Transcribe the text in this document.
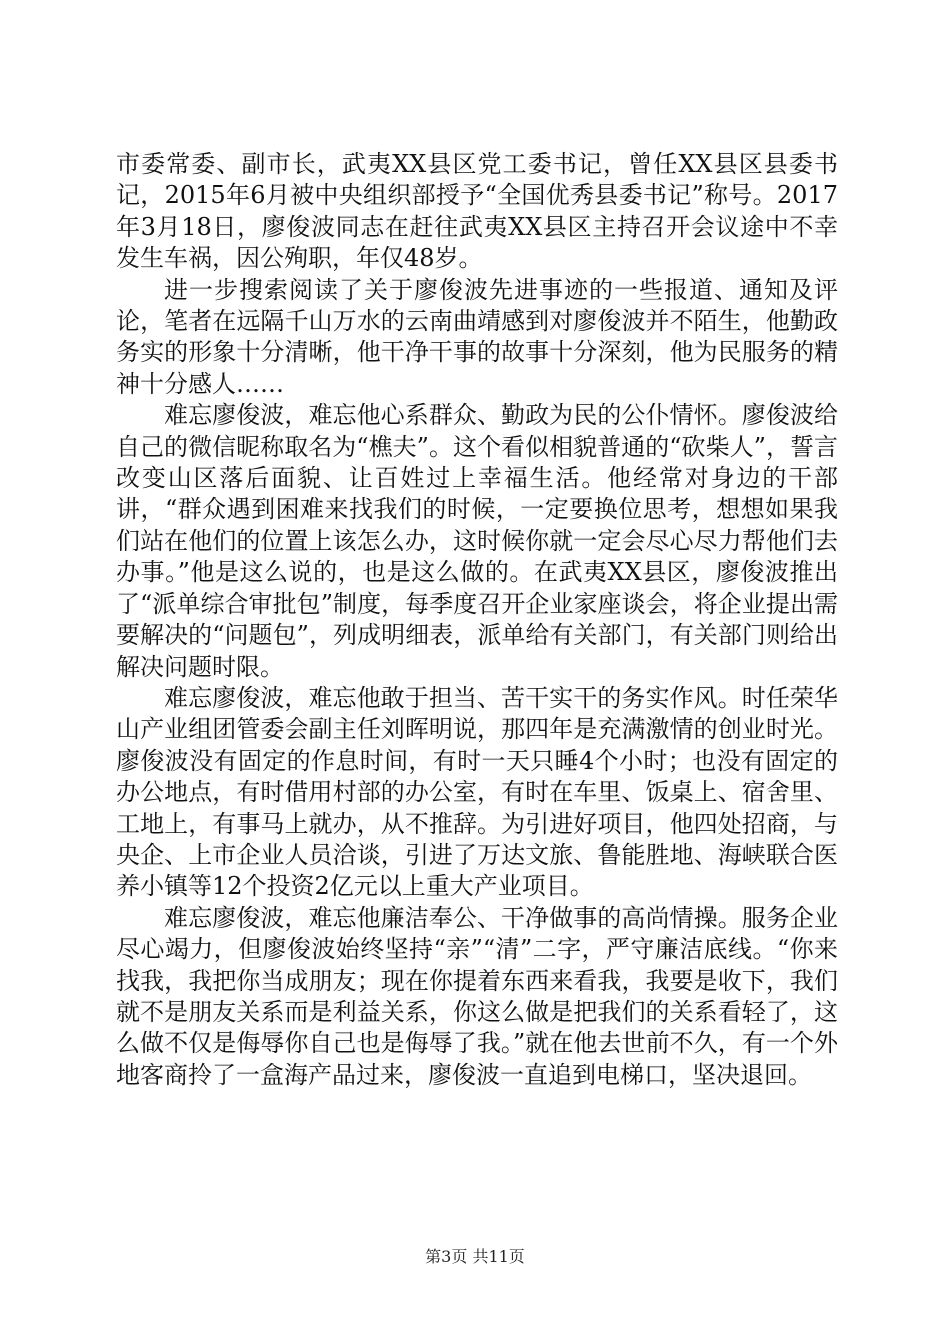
市委常委、副市长，武夷XX县区党工委书记，曾任XX县区县委书记，2015年6月被中央组织部授予“全国优秀县委书记”称号。2017年3月18日，廖俊波同志在赶往武夷XX县区主持召开会议途中不幸发生车祸，因公殉职，年仅48岁。

进一步搜索阅读了关于廖俊波先进事迹的一些报道、通知及评论，笔者在远隔千山万水的云南曲靖感到对廖俊波并不陌生，他勤政务实的形象十分清晰，他干净干事的故事十分深刻，他为民服务的精神十分感人……

难忘廖俊波，难忘他心系群众、勤政为民的公仆情怀。廖俊波给自己的微信昵称取名为“樵夫”。这个看似相貌普通的“砍柴人”，誓言改变山区落后面貌、让百姓过上幸福生活。他经常对身边的干部讲，“群众遇到困难来找我们的时候，一定要换位思考，想想如果我们站在他们的位置上该怎么办，这时候你就一定会尽心尽力帮他们去办事。”他是这么说的，也是这么做的。在武夷XX县区，廖俊波推出了“派单综合审批包”制度，每季度召开企业家座谈会，将企业提出需要解决的“问题包”，列成明细表，派单给有关部门，有关部门则给出解决问题时限。

难忘廖俊波，难忘他敢于担当、苦干实干的务实作风。时任荣华山产业组团管委会副主任刘晖明说，那四年是充满激情的创业时光。廖俊波没有固定的作息时间，有时一天只睡4个小时；也没有固定的办公地点，有时借用村部的办公室，有时在车里、饭桌上、宿舍里、工地上，有事马上就办，从不推辞。为引进好项目，他四处招商，与央企、上市企业人员洽谈，引进了万达文旅、鲁能胜地、海峡联合医养小镇等12个投资2亿元以上重大产业项目。

难忘廖俊波，难忘他廉洁奉公、干净做事的高尚情操。服务企业尽心竭力，但廖俊波始终坚持“亲”“清”二字，严守廉洁底线。“你来找我，我把你当成朋友；现在你提着东西来看我，我要是收下，我们就不是朋友关系而是利益关系，你这么做是把我们的关系看轻了，这么做不仅是侮辱你自己也是侮辱了我。”就在他去世前不久，有一个外地客商拎了一盒海产品过来，廖俊波一直追到电梯口，坚决退回。

第3页 共11页
